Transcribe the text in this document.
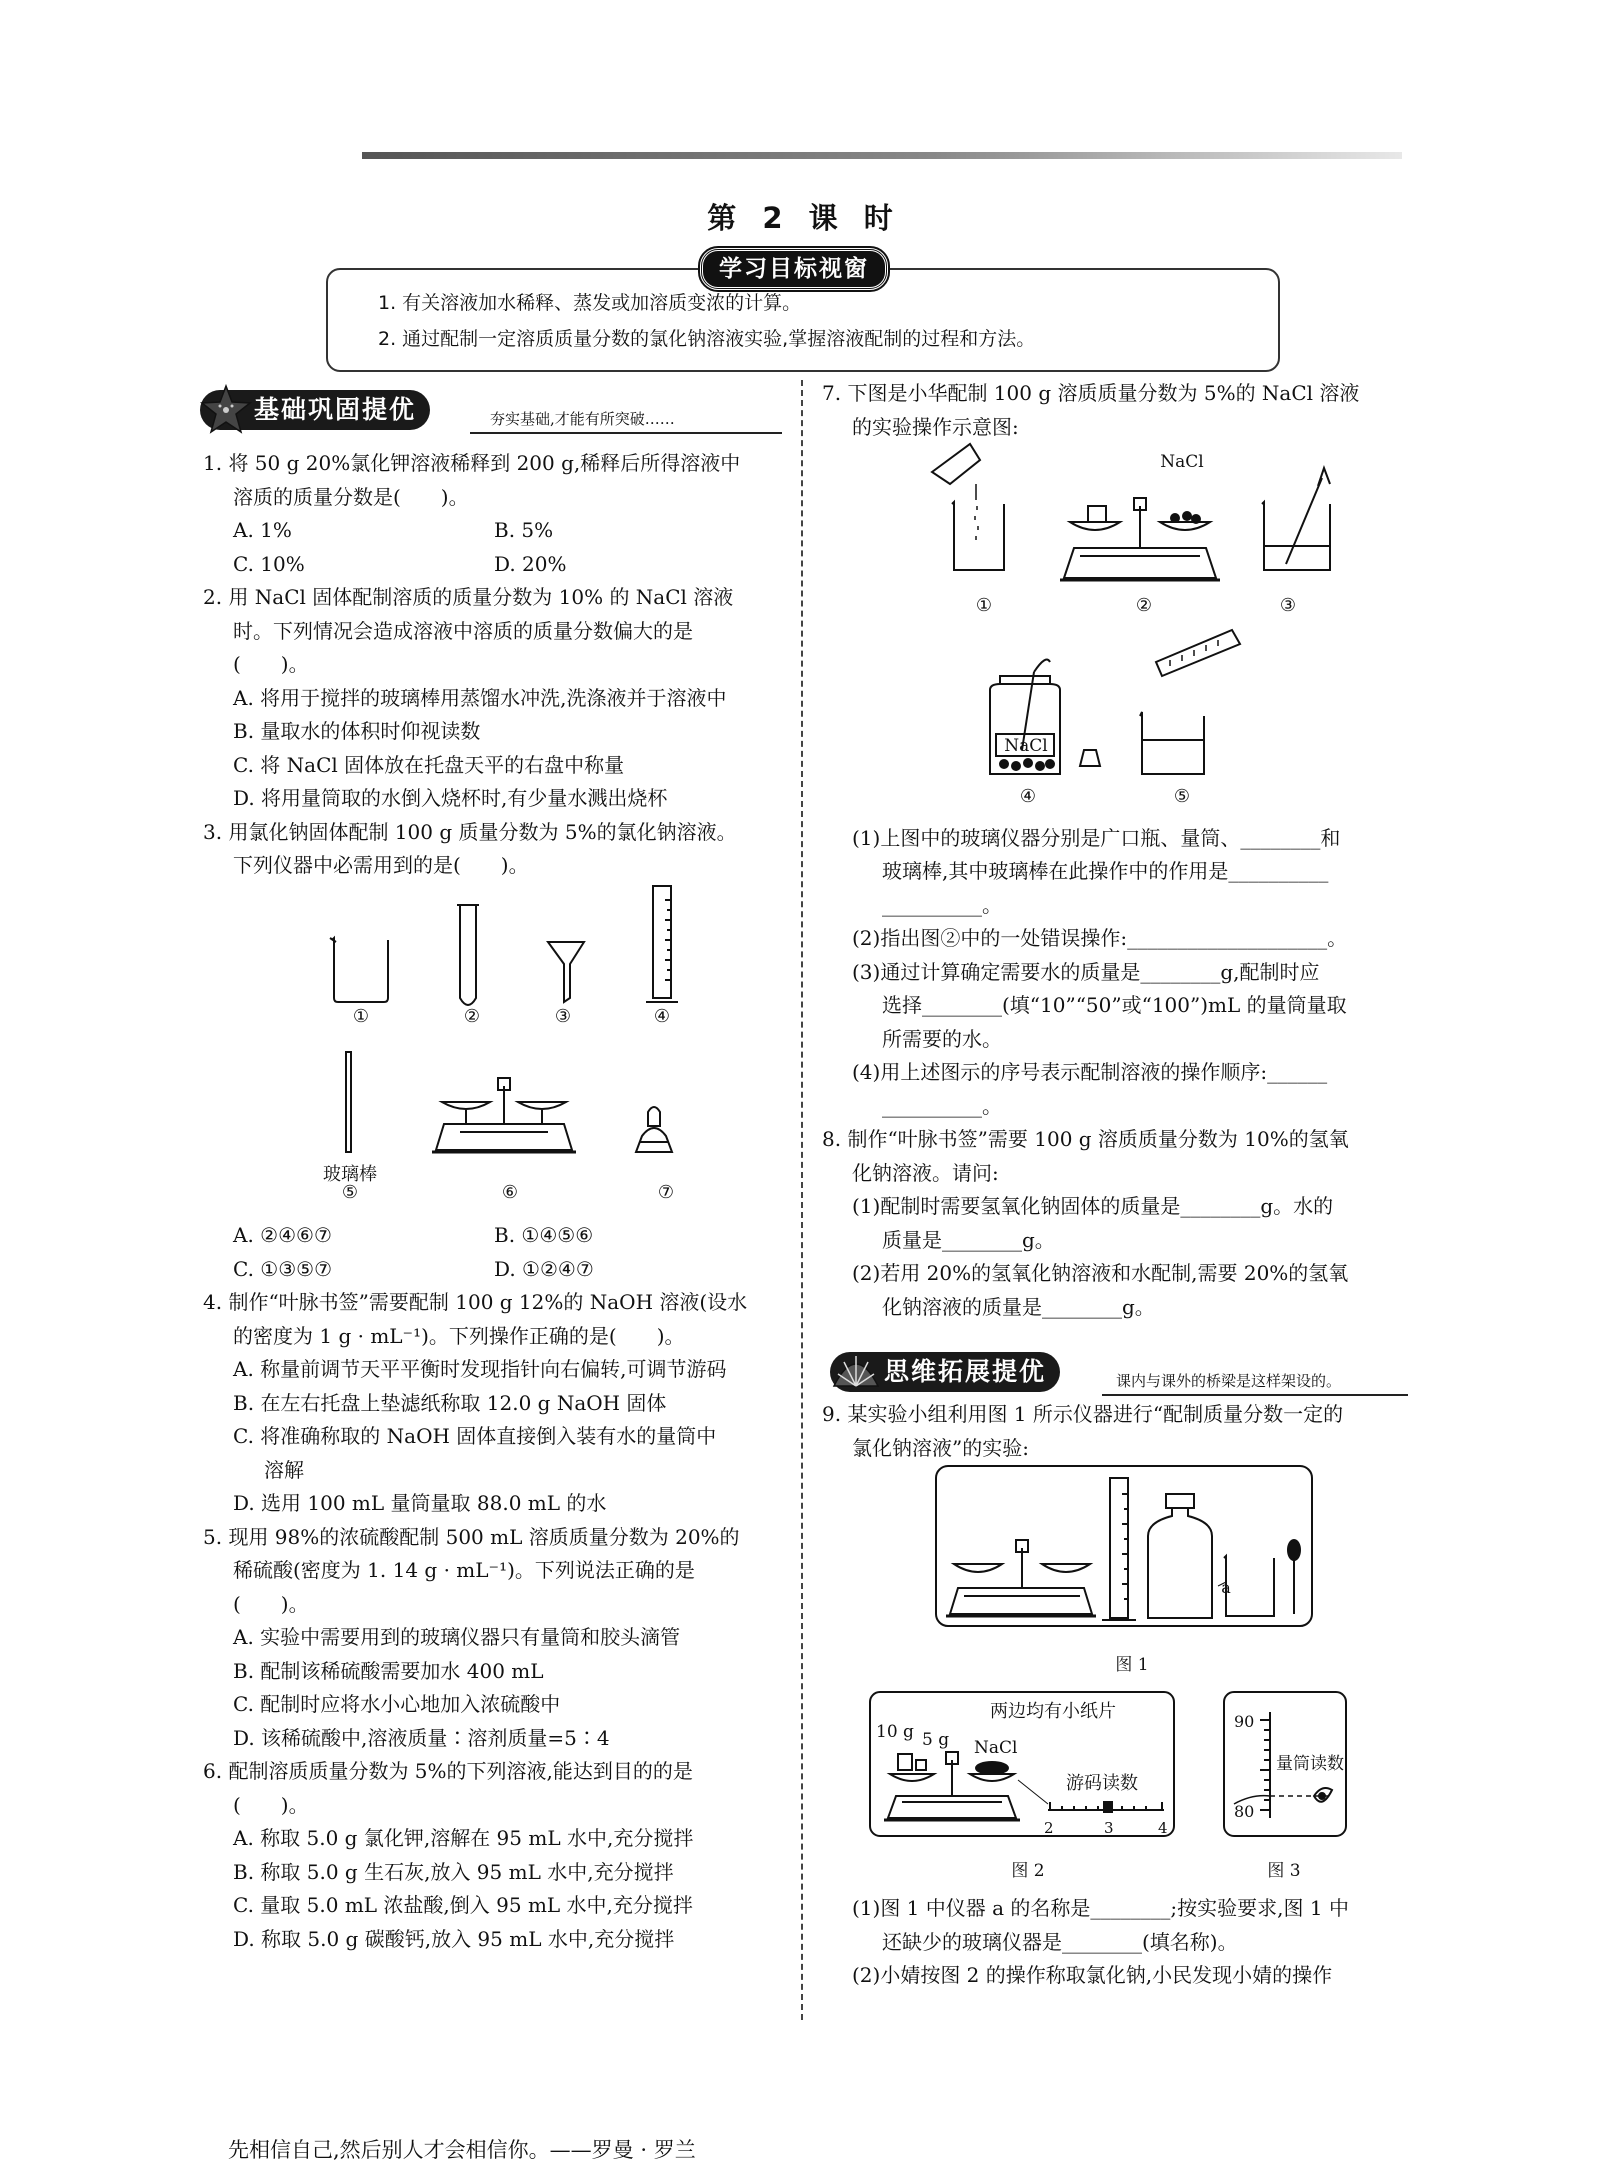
第 2 课 时
学习目标视窗
1. 有关溶液加水稀释、蒸发或加溶质变浓的计算。
2. 通过配制一定溶质质量分数的氯化钠溶液实验,掌握溶液配制的过程和方法。
基础巩固提优	夯实基础,才能有所突破……
思维拓展提优	课内与课外的桥梁是这样架设的。
1. 将 50 g 20%氯化钾溶液稀释到 200 g,稀释后所得溶液中
溶质的质量分数是(　　)。
A. 1%	B. 5%
C. 10%	D. 20%
2. 用 NaCl 固体配制溶质的质量分数为 10% 的 NaCl 溶液
时。下列情况会造成溶液中溶质的质量分数偏大的是
(　　)。
A. 将用于搅拌的玻璃棒用蒸馏水冲洗,洗涤液并于溶液中
B. 量取水的体积时仰视读数
C. 将 NaCl 固体放在托盘天平的右盘中称量
D. 将用量筒取的水倒入烧杯时,有少量水溅出烧杯
3. 用氯化钠固体配制 100 g 质量分数为 5%的氯化钠溶液。
下列仪器中必需用到的是(　　)。
①	②	③	④
玻璃棒
⑤	⑥	⑦
A. ②④⑥⑦	B. ①④⑤⑥
C. ①③⑤⑦	D. ①②④⑦
4. 制作“叶脉书签”需要配制 100 g 12%的 NaOH 溶液(设水
的密度为 1 g · mL⁻¹)。下列操作正确的是(　　)。
A. 称量前调节天平平衡时发现指针向右偏转,可调节游码
B. 在左右托盘上垫滤纸称取 12.0 g NaOH 固体
C. 将准确称取的 NaOH 固体直接倒入装有水的量筒中
溶解
D. 选用 100 mL 量筒量取 88.0 mL 的水
5. 现用 98%的浓硫酸配制 500 mL 溶质质量分数为 20%的
稀硫酸(密度为 1. 14 g · mL⁻¹)。下列说法正确的是
(　　)。
A. 实验中需要用到的玻璃仪器只有量筒和胶头滴管
B. 配制该稀硫酸需要加水 400 mL
C. 配制时应将水小心地加入浓硫酸中
D. 该稀硫酸中,溶液质量∶溶剂质量=5∶4
6. 配制溶质质量分数为 5%的下列溶液,能达到目的的是
(　　)。
A. 称取 5.0 g 氯化钾,溶解在 95 mL 水中,充分搅拌
B. 称取 5.0 g 生石灰,放入 95 mL 水中,充分搅拌
C. 量取 5.0 mL 浓盐酸,倒入 95 mL 水中,充分搅拌
D. 称取 5.0 g 碳酸钙,放入 95 mL 水中,充分搅拌
7. 下图是小华配制 100 g 溶质质量分数为 5%的 NaCl 溶液
的实验操作示意图:
NaCl
①	②	③
NaCl
④	⑤
(1)上图中的玻璃仪器分别是广口瓶、量筒、________和
玻璃棒,其中玻璃棒在此操作中的作用是__________
__________。
(2)指出图②中的一处错误操作:____________________。
(3)通过计算确定需要水的质量是________g,配制时应
选择________(填“10”“50”或“100”)mL 的量筒量取
所需要的水。
(4)用上述图示的序号表示配制溶液的操作顺序:______
__________。
8. 制作“叶脉书签”需要 100 g 溶质质量分数为 10%的氢氧
化钠溶液。请问:
(1)配制时需要氢氧化钠固体的质量是________g。水的
质量是________g。
(2)若用 20%的氢氧化钠溶液和水配制,需要 20%的氢氧
化钠溶液的质量是________g。
9. 某实验小组利用图 1 所示仪器进行“配制质量分数一定的
氯化钠溶液”的实验:
a
图 1
两边均有小纸片
10 g 5 g NaCl
游码读数
2	3	4
图 2
90
80
量筒读数
图 3
(1)图 1 中仪器 a 的名称是________;按实验要求,图 1 中
还缺少的玻璃仪器是________(填名称)。
(2)小婧按图 2 的操作称取氯化钠,小民发现小婧的操作
先相信自己,然后别人才会相信你。——罗曼 · 罗兰
